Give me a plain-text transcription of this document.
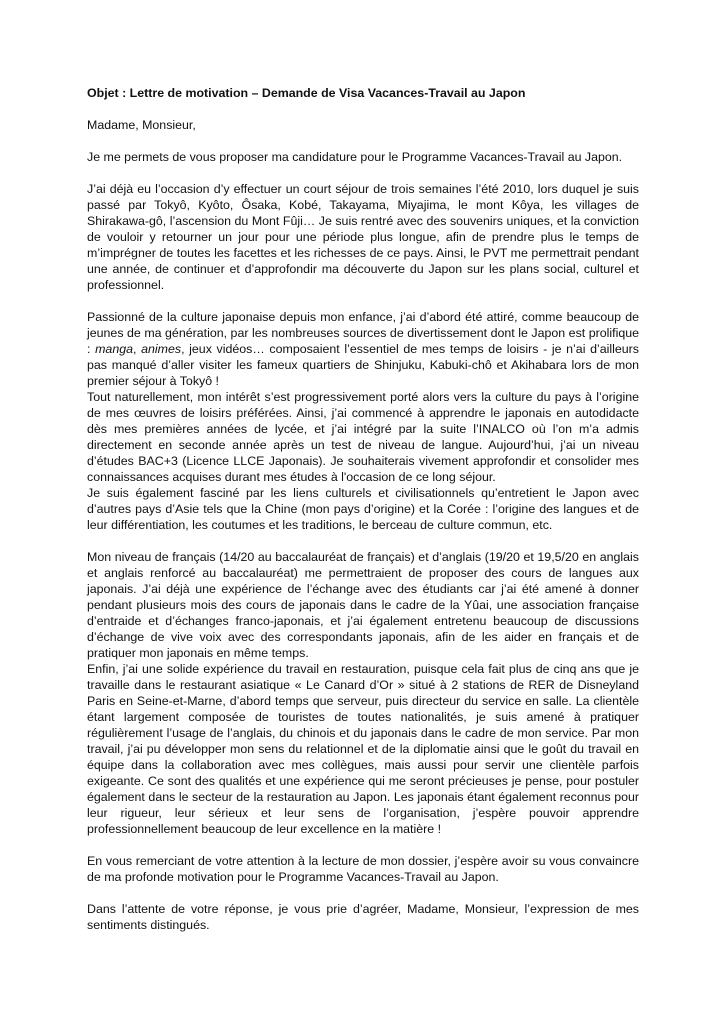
Objet : Lettre de motivation – Demande de Visa Vacances-Travail au Japon

Madame, Monsieur,

Je me permets de vous proposer ma candidature pour le Programme Vacances-Travail au Japon.

J’ai déjà eu l’occasion d’y effectuer un court séjour de trois semaines l’été 2010, lors duquel je suis passé par Tokyô, Kyôto, Ôsaka, Kobé, Takayama, Miyajima, le mont Kôya, les villages de Shirakawa-gô, l’ascension du Mont Fûji… Je suis rentré avec des souvenirs uniques, et la conviction de vouloir y retourner un jour pour une période plus longue, afin de prendre plus le temps de m’imprégner de toutes les facettes et les richesses de ce pays. Ainsi, le PVT me permettrait pendant une année, de continuer et d’approfondir ma découverte du Japon sur les plans social, culturel et professionnel.

Passionné de la culture japonaise depuis mon enfance, j’ai d’abord été attiré, comme beaucoup de jeunes de ma génération, par les nombreuses sources de divertissement dont le Japon est prolifique : manga, animes, jeux vidéos… composaient l’essentiel de mes temps de loisirs - je n’ai d’ailleurs pas manqué d’aller visiter les fameux quartiers de Shinjuku, Kabuki-chô et Akihabara lors de mon premier séjour à Tokyô !

Tout naturellement, mon intérêt s’est progressivement porté alors vers la culture du pays à l’origine de mes œuvres de loisirs préférées. Ainsi, j’ai commencé à apprendre le japonais en autodidacte dès mes premières années de lycée, et j’ai intégré par la suite l’INALCO où l’on m’a admis directement en seconde année après un test de niveau de langue. Aujourd’hui, j’ai un niveau d’études BAC+3 (Licence LLCE Japonais). Je souhaiterais vivement approfondir et consolider mes connaissances acquises durant mes études à l'occasion de ce long séjour.

Je suis également fasciné par les liens culturels et civilisationnels qu’entretient le Japon avec d’autres pays d’Asie tels que la Chine (mon pays d’origine) et la Corée : l’origine des langues et de leur différentiation, les coutumes et les traditions, le berceau de culture commun, etc.

Mon niveau de français (14/20 au baccalauréat de français) et d’anglais (19/20 et 19,5/20 en anglais et anglais renforcé au baccalauréat) me permettraient de proposer des cours de langues aux japonais. J’ai déjà une expérience de l’échange avec des étudiants car j’ai été amené à donner pendant plusieurs mois des cours de japonais dans le cadre de la Yûai, une association française d’entraide et d’échanges franco-japonais, et j’ai également entretenu beaucoup de discussions d’échange de vive voix avec des correspondants japonais, afin de les aider en français et de pratiquer mon japonais en même temps.

Enfin, j’ai une solide expérience du travail en restauration, puisque cela fait plus de cinq ans que je travaille dans le restaurant asiatique « Le Canard d’Or » situé à 2 stations de RER de Disneyland Paris en Seine-et-Marne, d’abord temps que serveur, puis directeur du service en salle. La clientèle étant largement composée de touristes de toutes nationalités, je suis amené à pratiquer régulièrement l’usage de l’anglais, du chinois et du japonais dans le cadre de mon service. Par mon travail, j’ai pu développer mon sens du relationnel et de la diplomatie ainsi que le goût du travail en équipe dans la collaboration avec mes collègues, mais aussi pour servir une clientèle parfois exigeante. Ce sont des qualités et une expérience qui me seront précieuses je pense, pour postuler également dans le secteur de la restauration au Japon. Les japonais étant également reconnus pour leur rigueur, leur sérieux et leur sens de l’organisation, j’espère pouvoir apprendre professionnellement beaucoup de leur excellence en la matière !

En vous remerciant de votre attention à la lecture de mon dossier, j’espère avoir su vous convaincre de ma profonde motivation pour le Programme Vacances-Travail au Japon.

Dans l’attente de votre réponse, je vous prie d’agréer, Madame, Monsieur, l’expression de mes sentiments distingués.
